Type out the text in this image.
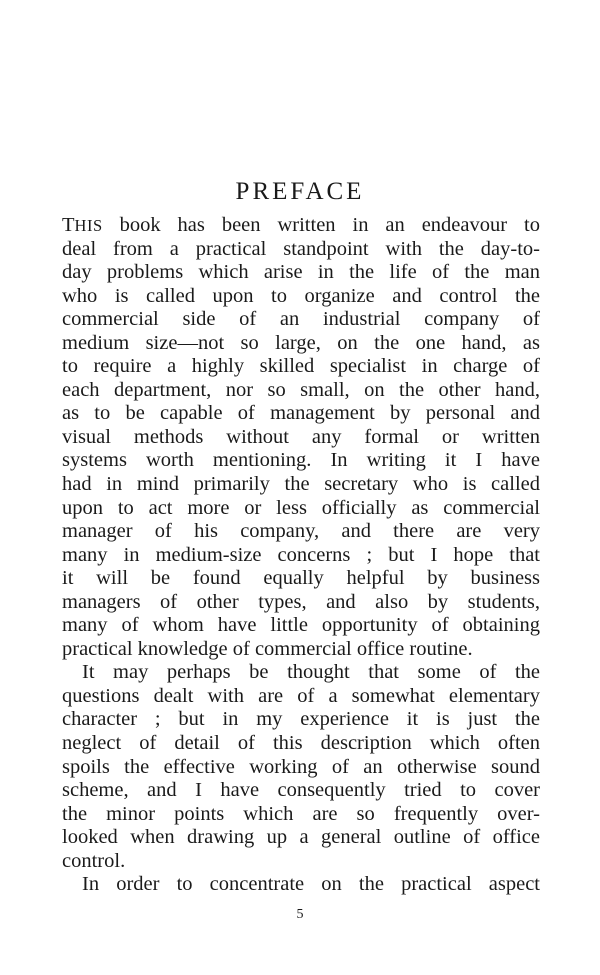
PREFACE
THIS book has been written in an endeavour to
deal from a practical standpoint with the day-to-
day problems which arise in the life of the man
who is called upon to organize and control the
commercial side of an industrial company of
medium size—not so large, on the one hand, as
to require a highly skilled specialist in charge of
each department, nor so small, on the other hand,
as to be capable of management by personal and
visual methods without any formal or written
systems worth mentioning. In writing it I have
had in mind primarily the secretary who is called
upon to act more or less officially as commercial
manager of his company, and there are very
many in medium-size concerns ; but I hope that
it will be found equally helpful by business
managers of other types, and also by students,
many of whom have little opportunity of obtaining
practical knowledge of commercial office routine.
It may perhaps be thought that some of the
questions dealt with are of a somewhat elementary
character ; but in my experience it is just the
neglect of detail of this description which often
spoils the effective working of an otherwise sound
scheme, and I have consequently tried to cover
the minor points which are so frequently over-
looked when drawing up a general outline of office
control.
In order to concentrate on the practical aspect
5
